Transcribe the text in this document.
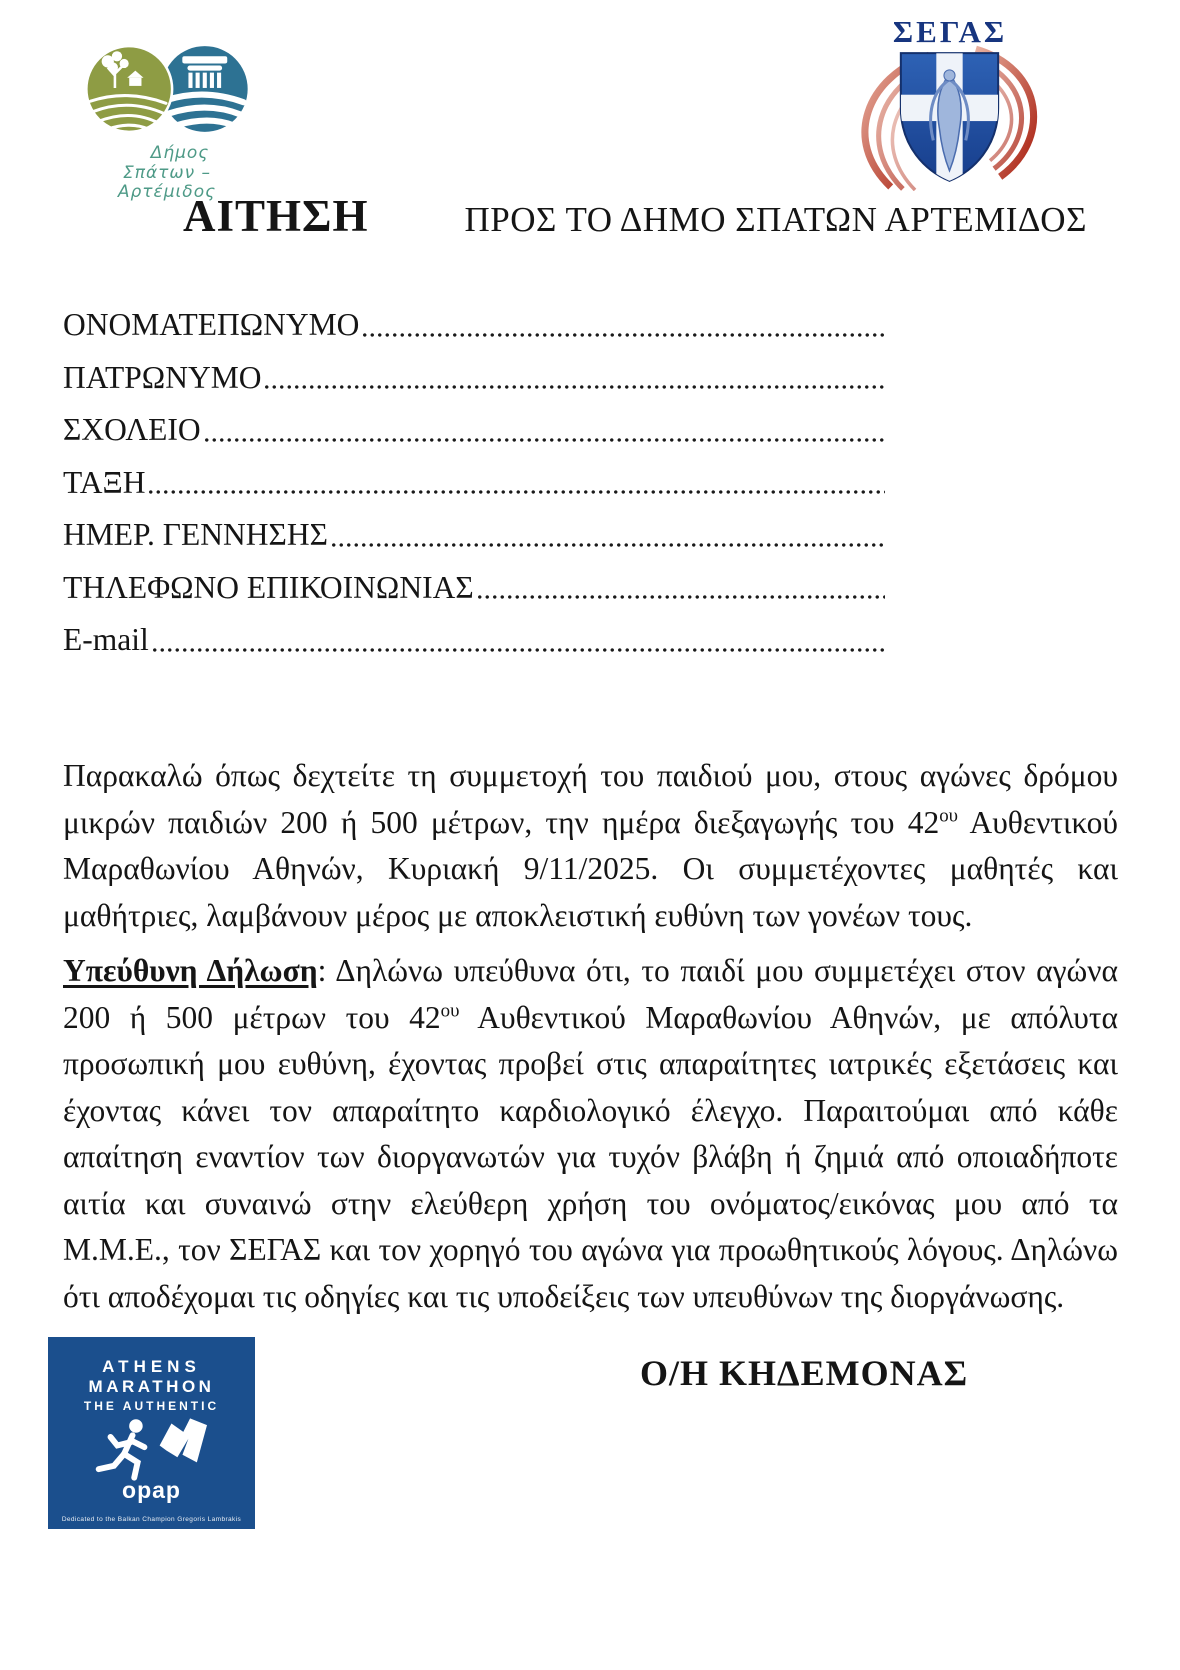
Δήμος
Σπάτων – Αρτέμιδος
ΣΕΓΑΣ
ΑΙΤΗΣΗ	ΠΡΟΣ ΤΟ ΔΗΜΟ ΣΠΑΤΩΝ ΑΡΤΕΜΙΔΟΣ
ΟΝΟΜΑΤΕΠΩΝΥΜΟ
ΠΑΤΡΩΝΥΜΟ
ΣΧΟΛΕΙΟ
ΤΑΞΗ
ΗΜΕΡ. ΓΕΝΝΗΣΗΣ
ΤΗΛΕΦΩΝΟ ΕΠΙΚΟΙΝΩΝΙΑΣ
E-mail
Παρακαλώ όπως δεχτείτε τη συμμετοχή του παιδιού μου, στους αγώνες δρόμου μικρών παιδιών 200 ή 500 μέτρων, την ημέρα διεξαγωγής του $42^{o\upsilon}$ Αυθεντικού Μαραθωνίου Αθηνών, Κυριακή 9/11/2025. Οι συμμετέχοντες μαθητές και μαθήτριες, λαμβάνουν μέρος με αποκλειστική ευθύνη των γονέων τους.
Υπεύθυνη Δήλωση: Δηλώνω υπεύθυνα ότι, το παιδί μου συμμετέχει στον αγώνα 200 ή 500 μέτρων του $42^{o\upsilon}$ Αυθεντικού Μαραθωνίου Αθηνών, με απόλυτα προσωπική μου ευθύνη, έχοντας προβεί στις απαραίτητες ιατρικές εξετάσεις και έχοντας κάνει τον απαραίτητο καρδιολογικό έλεγχο. Παραιτούμαι από κάθε απαίτηση εναντίον των διοργανωτών για τυχόν βλάβη ή ζημιά από οποιαδήποτε αιτία και συναινώ στην ελεύθερη χρήση του ονόματος/εικόνας μου από τα Μ.Μ.Ε., τον ΣΕΓΑΣ και τον χορηγό του αγώνα για προωθητικούς λόγους. Δηλώνω ότι αποδέχομαι τις οδηγίες και τις υποδείξεις των υπευθύνων της διοργάνωσης.
ATHENS
MARATHON
THE AUTHENTIC
opap
Dedicated to the Balkan Champion Gregoris Lambrakis
Ο/Η ΚΗΔΕΜΟΝΑΣ
